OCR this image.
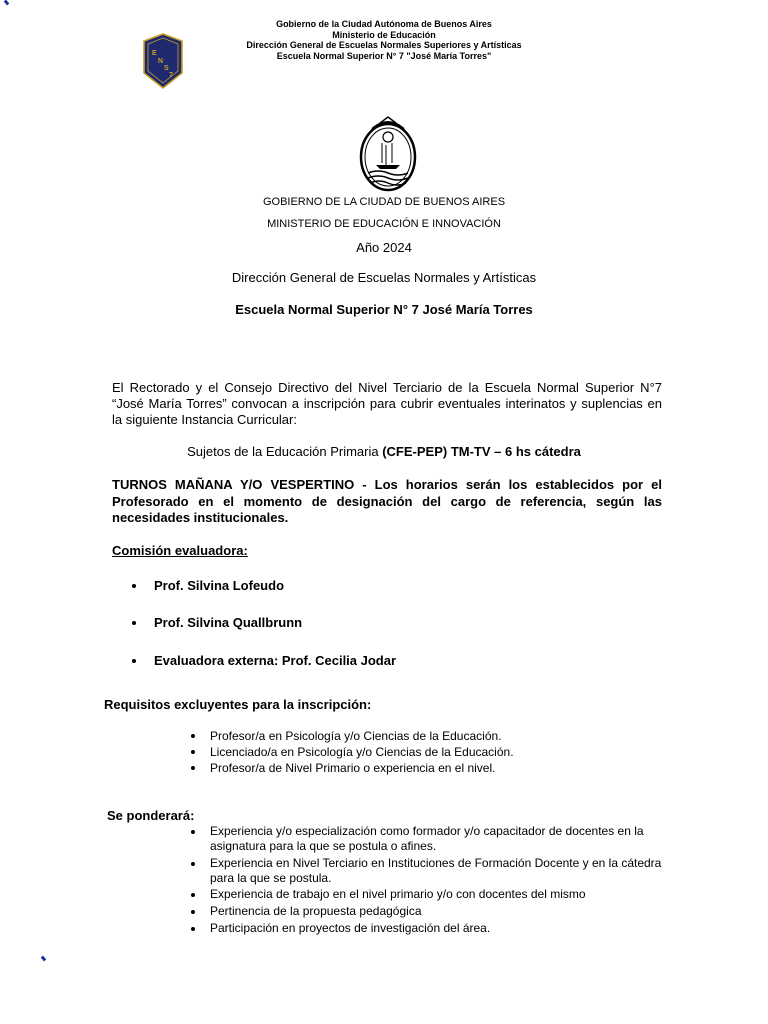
Gobierno de la Ciudad Autónoma de Buenos Aires
Ministerio de Educación
Dirección General de Escuelas Normales Superiores y Artísticas
Escuela Normal Superior N° 7 "José María Torres"
E
N
S
7
GOBIERNO DE LA CIUDAD DE BUENOS AIRES
MINISTERIO DE EDUCACIÓN E INNOVACIÓN
Año 2024
Dirección General de Escuelas Normales y Artísticas
Escuela Normal Superior N° 7 José María Torres
El Rectorado y el Consejo Directivo del Nivel Terciario de la Escuela Normal Superior N°7 “José María Torres” convocan a inscripción para cubrir eventuales interinatos y suplencias en la siguiente Instancia Curricular:
Sujetos de la Educación Primaria (CFE-PEP) TM-TV – 6 hs cátedra
TURNOS MAÑANA Y/O VESPERTINO - Los horarios serán los establecidos por el Profesorado en el momento de designación del cargo de referencia, según las necesidades institucionales.
Comisión evaluadora:
Prof. Silvina Lofeudo
Prof. Silvina Quallbrunn
Evaluadora externa: Prof. Cecilia Jodar
Requisitos excluyentes para la inscripción:
Profesor/a en Psicología y/o Ciencias de la Educación.
Licenciado/a en Psicología y/o Ciencias de la Educación.
Profesor/a de Nivel Primario o experiencia en el nivel.
Se ponderará:
Experiencia y/o especialización como formador y/o capacitador de docentes en la asignatura para la que se postula o afines.
Experiencia en Nivel Terciario en Instituciones de Formación Docente y en la cátedra para la que se postula.
Experiencia de trabajo en el nivel primario y/o con docentes del mismo
Pertinencia de la propuesta pedagógica
Participación en proyectos de investigación del área.
